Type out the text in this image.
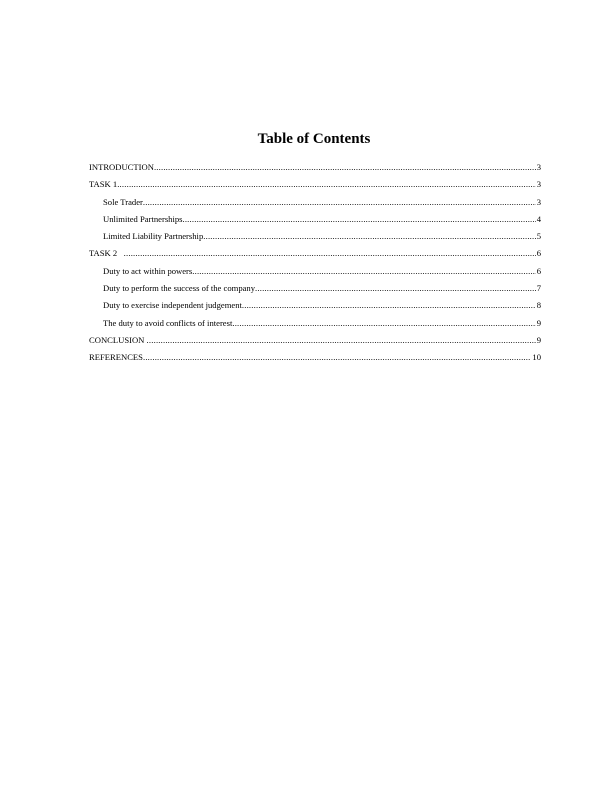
Table of Contents
INTRODUCTION .....	3
TASK 1 .....	3
Sole Trader .....	3
Unlimited Partnerships .....	4
Limited Liability Partnership .....	5
TASK 2 .....	6
Duty to act within powers .....	6
Duty to perform the success of the company .....	7
Duty to exercise independent judgement .....	8
The duty to avoid conflicts of interest .....	9
CONCLUSION .....	9
REFERENCES .....	10
